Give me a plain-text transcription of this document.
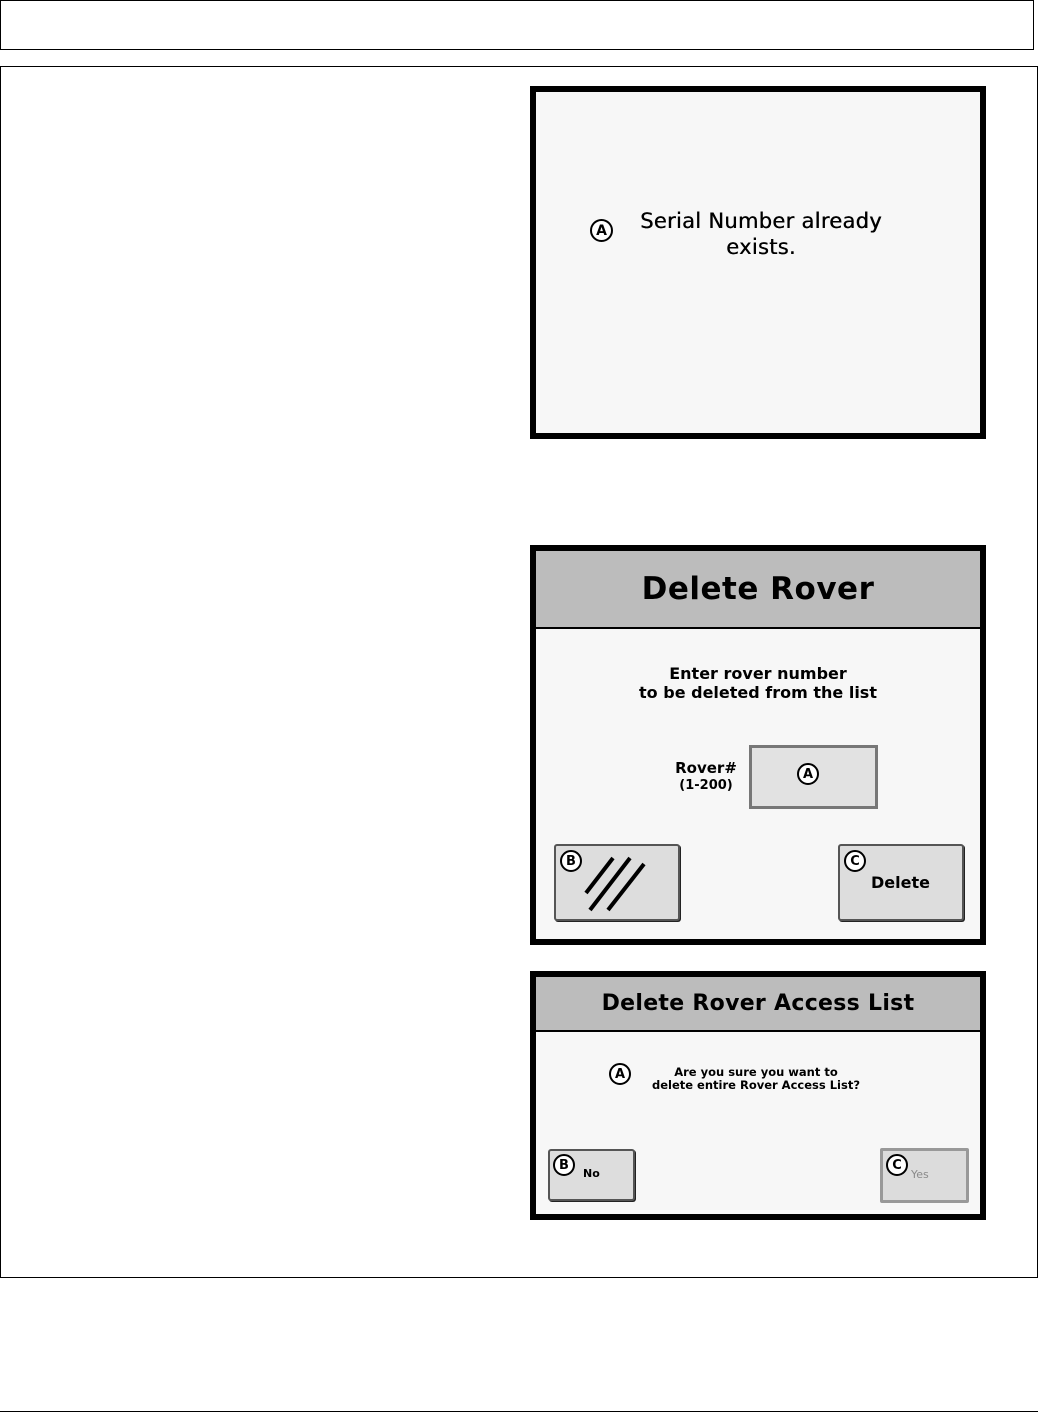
A	Serial Number already
exists.
Delete Rover
Enter rover number
to be deleted from the list
Rover#
(1-200)
A
B	C
Delete
Delete Rover Access List
A	Are you sure you want to
delete entire Rover Access List?
B
No
C
Yes
